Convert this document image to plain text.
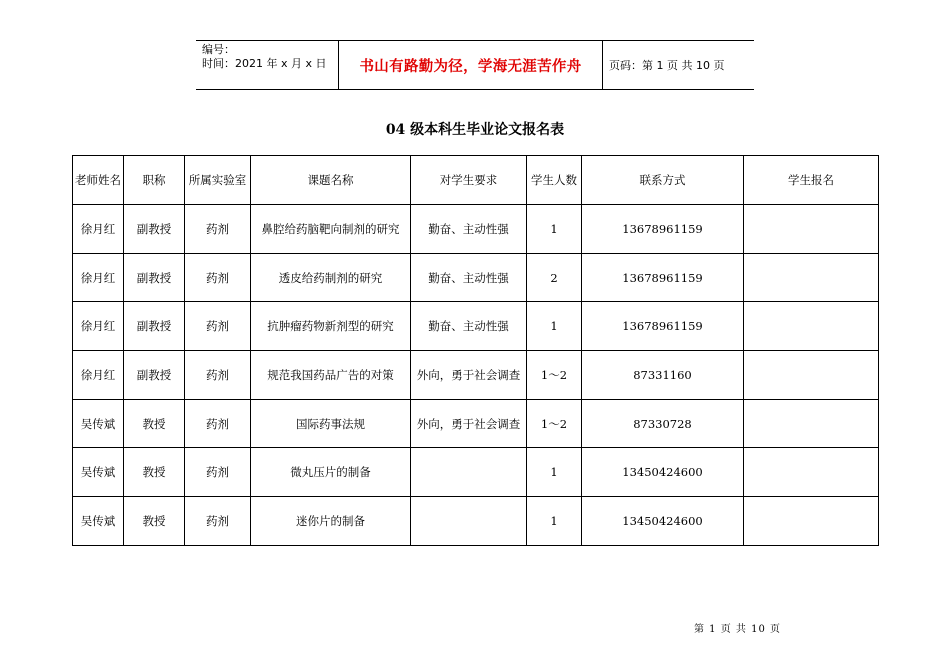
编号：
时间：2021 年 x 月 x 日	书山有路勤为径，学海无涯苦作舟	页码：第 1 页 共 10 页
04 级本科生毕业论文报名表
老师姓名	职称	所属实验室	课题名称	对学生要求	学生人数	联系方式	学生报名
徐月红	副教授	药剂	鼻腔给药脑靶向制剂的研究	勤奋、主动性强	1	13678961159	
徐月红	副教授	药剂	透皮给药制剂的研究	勤奋、主动性强	2	13678961159	
徐月红	副教授	药剂	抗肿瘤药物新剂型的研究	勤奋、主动性强	1	13678961159	
徐月红	副教授	药剂	规范我国药品广告的对策	外向，勇于社会调查	1～2	87331160	
吴传斌	教授	药剂	国际药事法规	外向，勇于社会调查	1～2	87330728	
吴传斌	教授	药剂	微丸压片的制备		1	13450424600	
吴传斌	教授	药剂	迷你片的制备		1	13450424600	
第 1 页 共 10 页
